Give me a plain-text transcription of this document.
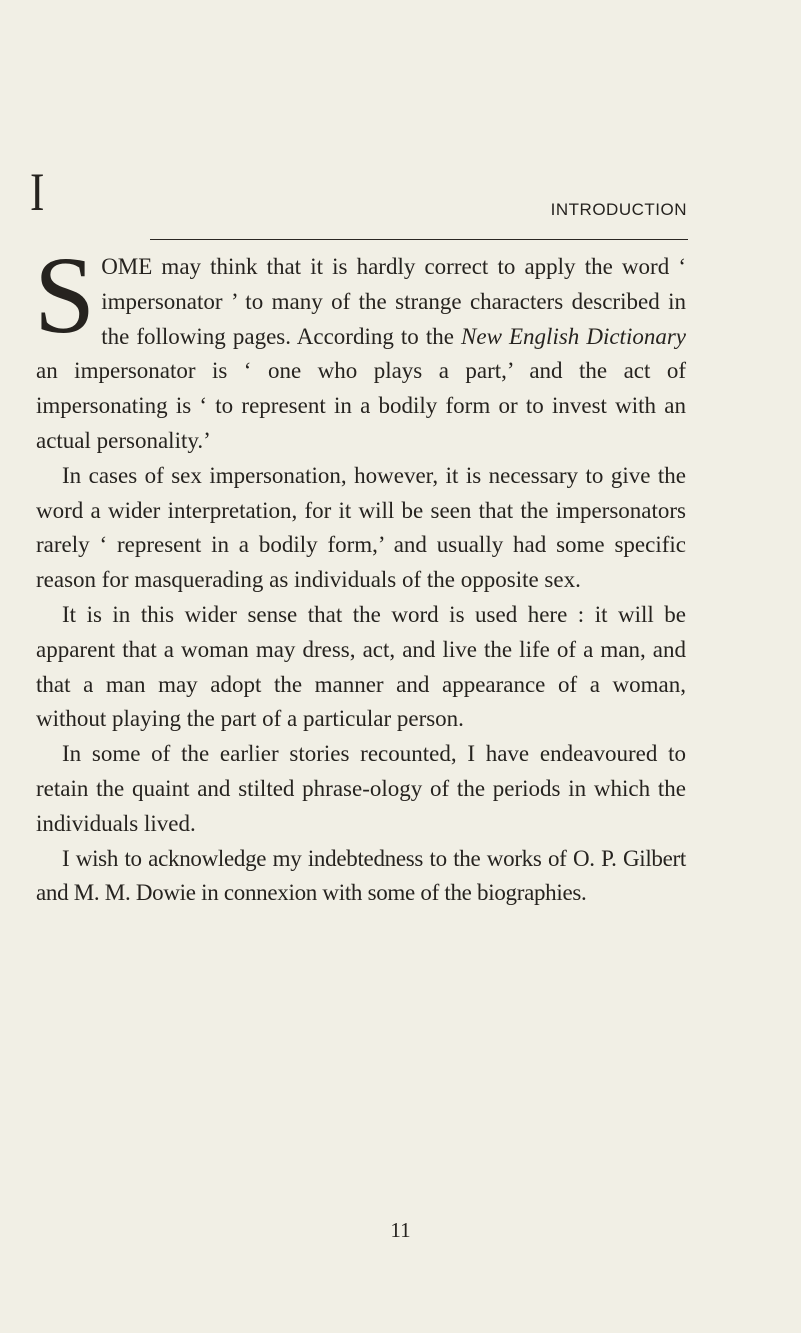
I	INTRODUCTION

SOME may think that it is hardly correct to apply the word ‘ impersonator ’ to many of the strange characters described in the following pages. According to the New English Dictionary an impersonator is ‘ one who plays a part,’ and the act of impersonating is ‘ to represent in a bodily form or to invest with an actual personality.’

In cases of sex impersonation, however, it is necessary to give the word a wider interpretation, for it will be seen that the impersonators rarely ‘ represent in a bodily form,’ and usually had some specific reason for masquerading as individuals of the opposite sex.

It is in this wider sense that the word is used here : it will be apparent that a woman may dress, act, and live the life of a man, and that a man may adopt the manner and appearance of a woman, without playing the part of a particular person.

In some of the earlier stories recounted, I have endeavoured to retain the quaint and stilted phrase-ology of the periods in which the individuals lived.

I wish to acknowledge my indebtedness to the works of O. P. Gilbert and M. M. Dowie in connexion with some of the biographies.

11
